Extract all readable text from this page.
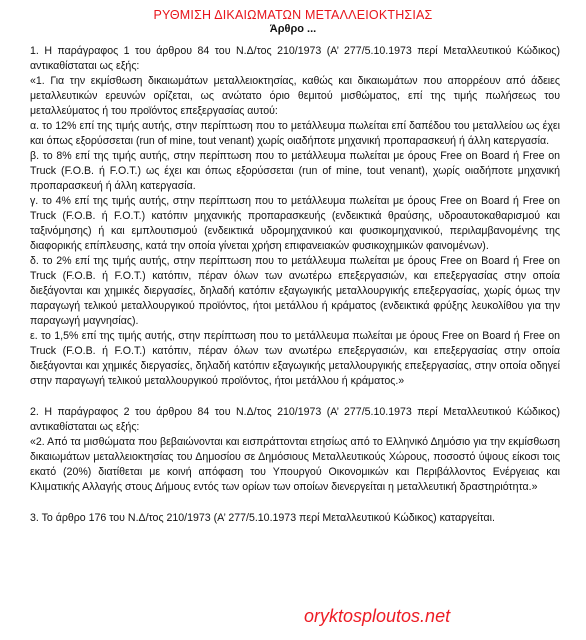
ΡΥΘΜΙΣΗ ΔΙΚΑΙΩΜΑΤΩΝ ΜΕΤΑΛΛΕΙΟΚΤΗΣΙΑΣ
Άρθρο ...

1. Η παράγραφος 1 του άρθρου 84 του Ν.Δ/τος 210/1973 (Α’ 277/5.10.1973 περί Μεταλλευτικού Κώδικος) αντικαθίσταται ως εξής:

«1. Για την εκμίσθωση δικαιωμάτων μεταλλειοκτησίας, καθώς και δικαιωμάτων που απορρέουν από άδειες μεταλλευτικών ερευνών ορίζεται, ως ανώτατο όριο θεμιτού μισθώματος, επί της τιμής πωλήσεως του μεταλλεύματος ή του προϊόντος επεξεργασίας αυτού:

α. το 12% επί της τιμής αυτής, στην περίπτωση που το μετάλλευμα πωλείται επί δαπέδου του μεταλλείου ως έχει και όπως εξορύσσεται (run of mine, tout venant) χωρίς οιαδήποτε μηχανική προπαρασκευή ή άλλη κατεργασία.

β. το 8% επί της τιμής αυτής, στην περίπτωση που το μετάλλευμα πωλείται με όρους Free on Board ή Free on Truck (F.O.B. ή F.O.T.) ως έχει και όπως εξορύσσεται (run of mine, tout venant), χωρίς οιαδήποτε μηχανική προπαρασκευή ή άλλη κατεργασία.

γ. το 4% επί της τιμής αυτής, στην περίπτωση που το μετάλλευμα πωλείται με όρους Free on Board ή Free on Truck (F.O.B. ή F.O.T.) κατόπιν μηχανικής προπαρασκευής (ενδεικτικά θραύσης, υδροαυτοκαθαρισμού και ταξινόμησης) ή και εμπλουτισμού (ενδεικτικά υδρομηχανικού και φυσικομηχανικού, περιλαμβανομένης της διαφορικής επίπλευσης, κατά την οποία γίνεται χρήση επιφανειακών φυσικοχημικών φαινομένων).

δ. το 2% επί της τιμής αυτής, στην περίπτωση που το μετάλλευμα πωλείται με όρους Free on Board ή Free on Truck (F.O.B. ή F.O.T.) κατόπιν, πέραν όλων των ανωτέρω επεξεργασιών, και επεξεργασίας στην οποία διεξάγονται και χημικές διεργασίες, δηλαδή κατόπιν εξαγωγικής μεταλλουργικής επεξεργασίας, χωρίς όμως την παραγωγή τελικού μεταλλουργικού προϊόντος, ήτοι μετάλλου ή κράματος (ενδεικτικά φρύξης λευκολίθου για την παραγωγή μαγνησίας).

ε. το 1,5% επί της τιμής αυτής, στην περίπτωση που το μετάλλευμα πωλείται με όρους Free on Board ή Free on Truck (F.O.B. ή F.O.T.) κατόπιν, πέραν όλων των ανωτέρω επεξεργασιών, και επεξεργασίας στην οποία διεξάγονται και χημικές διεργασίες, δηλαδή κατόπιν εξαγωγικής μεταλλουργικής επεξεργασίας, στην οποία οδηγεί στην παραγωγή τελικού μεταλλουργικού προϊόντος, ήτοι μετάλλου ή κράματος.»

2. Η παράγραφος 2 του άρθρου 84 του Ν.Δ/τος 210/1973 (Α’ 277/5.10.1973 περί Μεταλλευτικού Κώδικος) αντικαθίσταται ως εξής:

«2. Από τα μισθώματα που βεβαιώνονται και εισπράττονται ετησίως από το Ελληνικό Δημόσιο για την εκμίσθωση δικαιωμάτων μεταλλειοκτησίας του Δημοσίου σε Δημόσιους Μεταλλευτικούς Χώρους, ποσοστό ύψους είκοσι τοις εκατό (20%) διατίθεται με κοινή απόφαση του Υπουργού Οικονομικών και Περιβάλλοντος Ενέργειας και Κλιματικής Αλλαγής στους Δήμους εντός των ορίων των οποίων διενεργείται η μεταλλευτική δραστηριότητα.»

3. Το άρθρο 176 του Ν.Δ/τος 210/1973 (Α’ 277/5.10.1973 περί Μεταλλευτικού Κώδικος) καταργείται.

oryktosploutos.net
